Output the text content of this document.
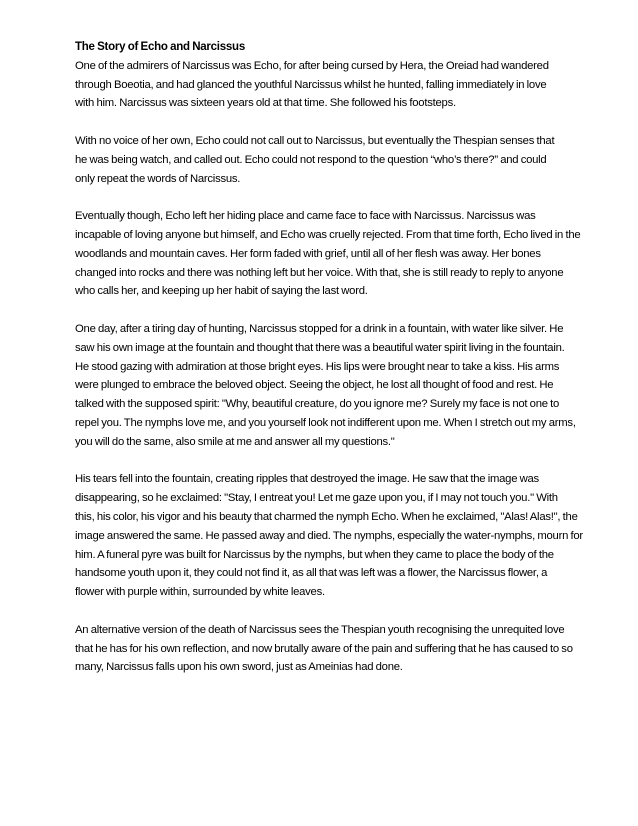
The Story of Echo and Narcissus

One of the admirers of Narcissus was Echo, for after being cursed by Hera, the Oreiad had wandered
through Boeotia, and had glanced the youthful Narcissus whilst he hunted, falling immediately in love
with him. Narcissus was sixteen years old at that time. She followed his footsteps.

With no voice of her own, Echo could not call out to Narcissus, but eventually the Thespian senses that
he was being watch, and called out. Echo could not respond to the question “who’s there?” and could
only repeat the words of Narcissus.

Eventually though, Echo left her hiding place and came face to face with Narcissus. Narcissus was
incapable of loving anyone but himself, and Echo was cruelly rejected. From that time forth, Echo lived in the
woodlands and mountain caves. Her form faded with grief, until all of her flesh was away. Her bones
changed into rocks and there was nothing left but her voice. With that, she is still ready to reply to anyone
who calls her, and keeping up her habit of saying the last word.

One day, after a tiring day of hunting, Narcissus stopped for a drink in a fountain, with water like silver. He
saw his own image at the fountain and thought that there was a beautiful water spirit living in the fountain.
He stood gazing with admiration at those bright eyes. His lips were brought near to take a kiss. His arms
were plunged to embrace the beloved object. Seeing the object, he lost all thought of food and rest. He
talked with the supposed spirit: "Why, beautiful creature, do you ignore me? Surely my face is not one to
repel you. The nymphs love me, and you yourself look not indifferent upon me. When I stretch out my arms,
you will do the same, also smile at me and answer all my questions."

His tears fell into the fountain, creating ripples that destroyed the image. He saw that the image was
disappearing, so he exclaimed: "Stay, I entreat you! Let me gaze upon you, if I may not touch you." With
this, his color, his vigor and his beauty that charmed the nymph Echo. When he exclaimed, "Alas! Alas!", the
image answered the same. He passed away and died. The nymphs, especially the water-nymphs, mourn for
him. A funeral pyre was built for Narcissus by the nymphs, but when they came to place the body of the
handsome youth upon it, they could not find it, as all that was left was a flower, the Narcissus flower, a
flower with purple within, surrounded by white leaves.

An alternative version of the death of Narcissus sees the Thespian youth recognising the unrequited love
that he has for his own reflection, and now brutally aware of the pain and suffering that he has caused to so
many, Narcissus falls upon his own sword, just as Ameinias had done.
